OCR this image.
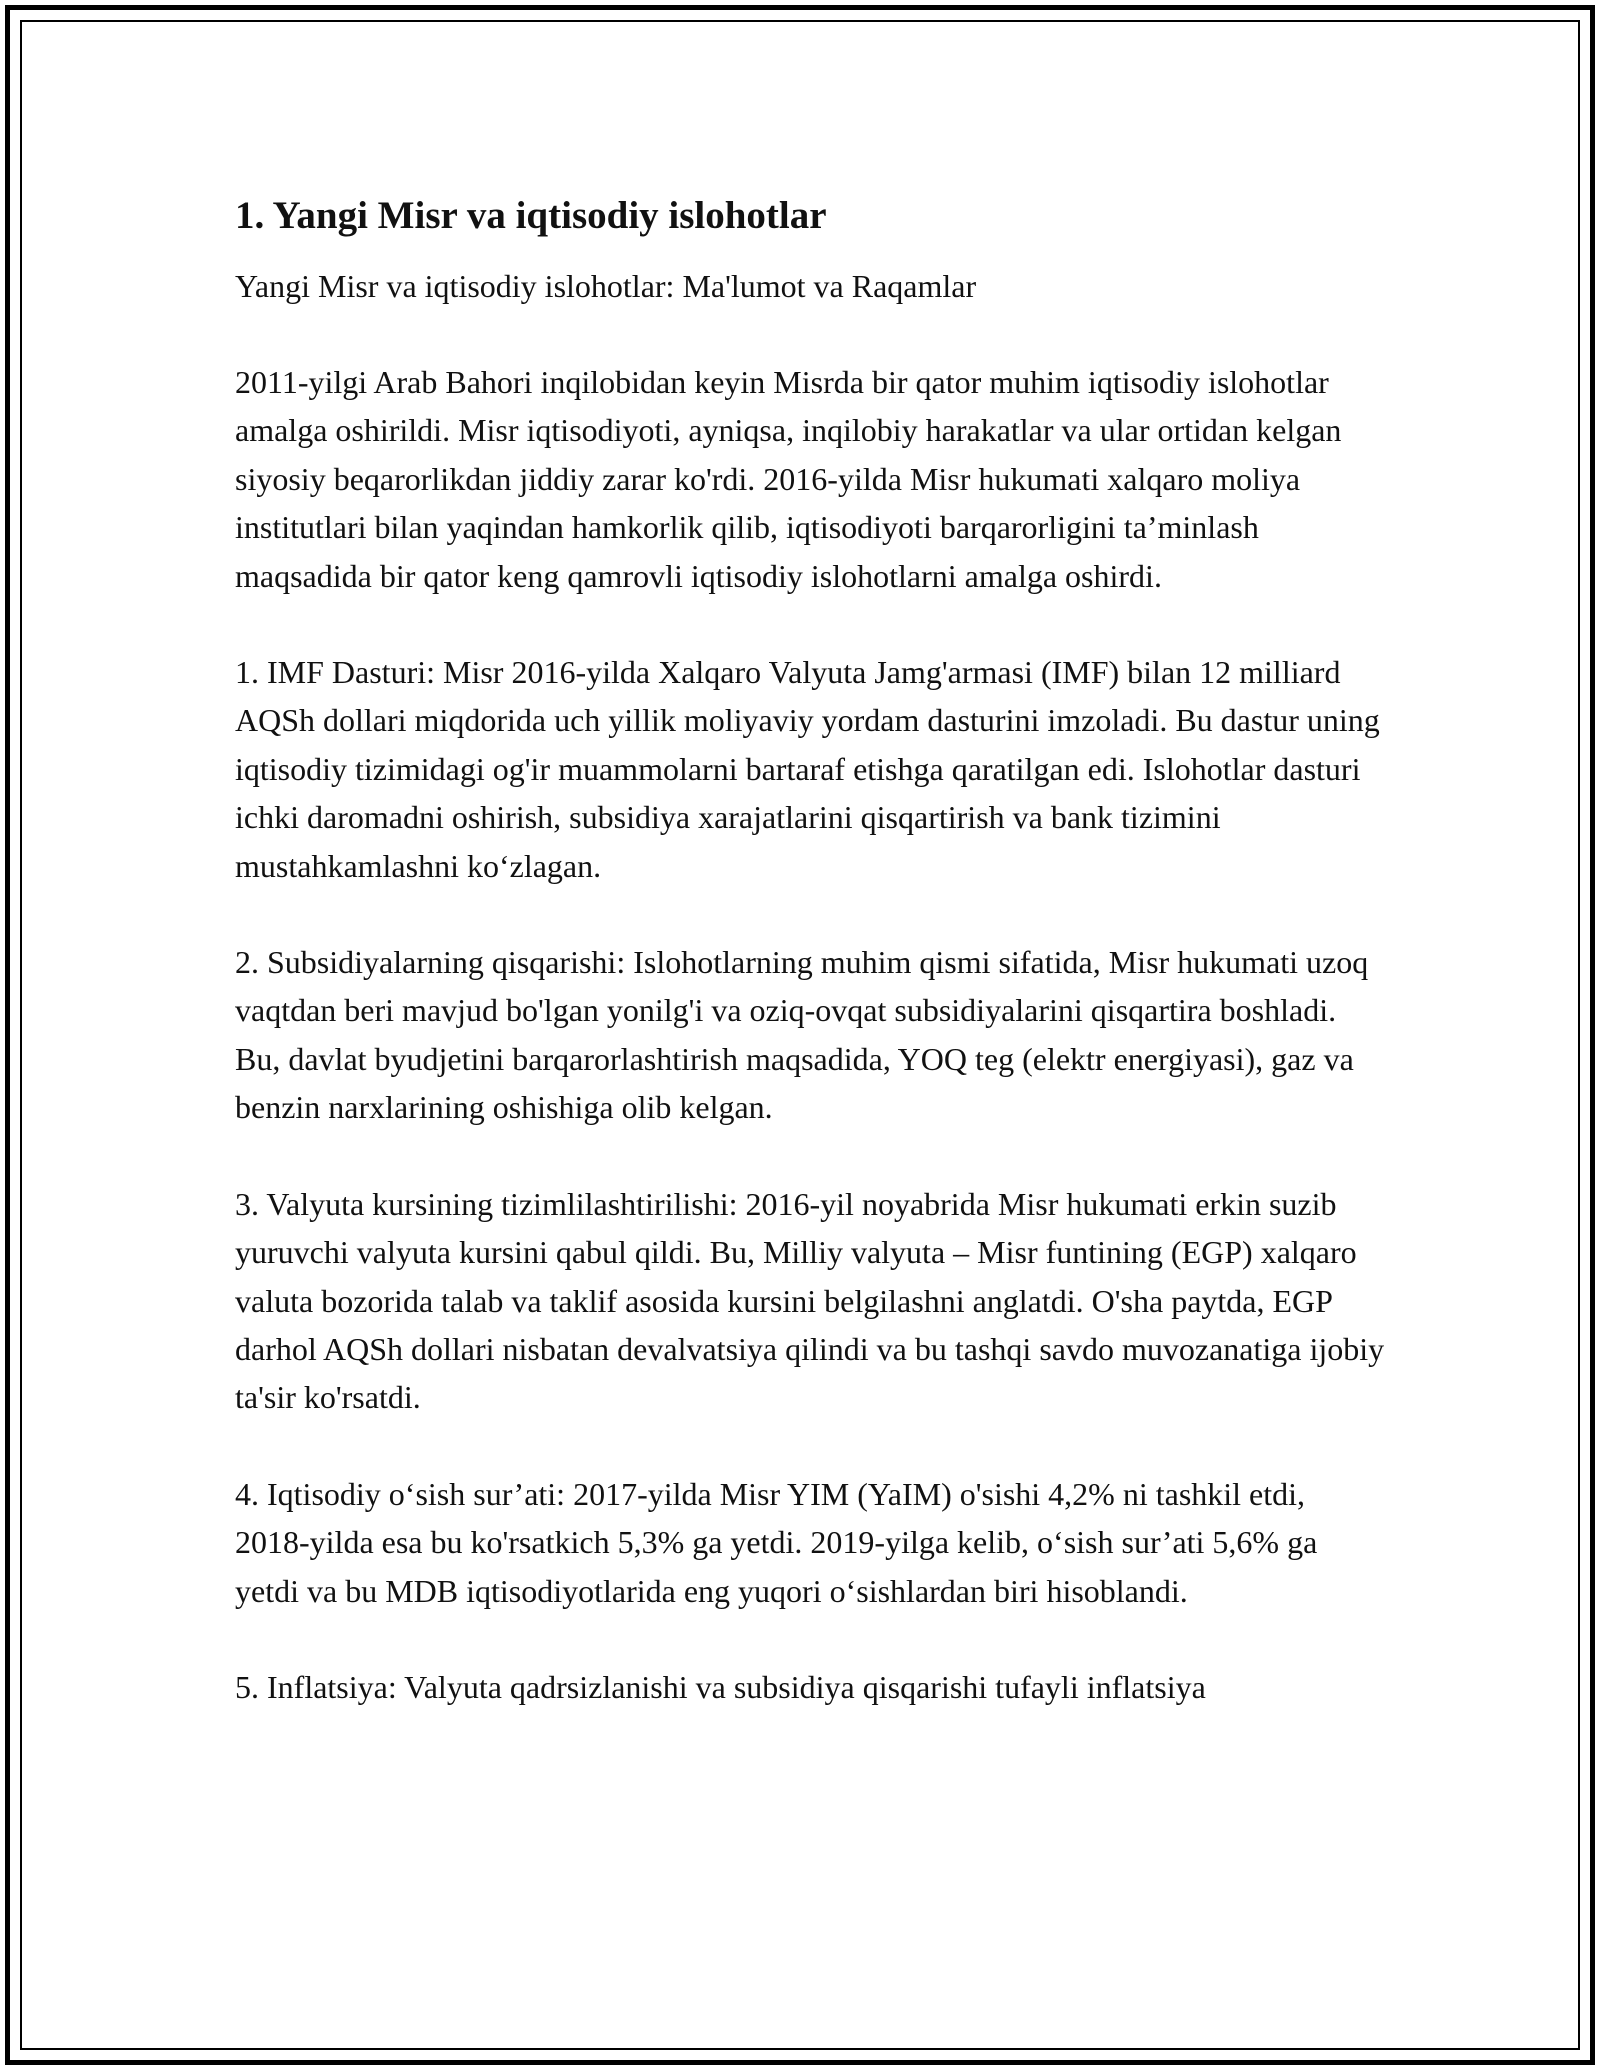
1. Yangi Misr va iqtisodiy islohotlar
Yangi Misr va iqtisodiy islohotlar: Ma'lumot va Raqamlar

2011-yilgi Arab Bahori inqilobidan keyin Misrda bir qator muhim iqtisodiy islohotlar amalga oshirildi. Misr iqtisodiyoti, ayniqsa, inqilobiy harakatlar va ular ortidan kelgan siyosiy beqarorlikdan jiddiy zarar ko'rdi. 2016-yilda Misr hukumati xalqaro moliya institutlari bilan yaqindan hamkorlik qilib, iqtisodiyoti barqarorligini ta’minlash maqsadida bir qator keng qamrovli iqtisodiy islohotlarni amalga oshirdi.

1. IMF Dasturi: Misr 2016-yilda Xalqaro Valyuta Jamg'armasi (IMF) bilan 12 milliard AQSh dollari miqdorida uch yillik moliyaviy yordam dasturini imzoladi. Bu dastur uning iqtisodiy tizimidagi og'ir muammolarni bartaraf etishga qaratilgan edi. Islohotlar dasturi ichki daromadni oshirish, subsidiya xarajatlarini qisqartirish va bank tizimini mustahkamlashni ko‘zlagan.

2. Subsidiyalarning qisqarishi: Islohotlarning muhim qismi sifatida, Misr hukumati uzoq vaqtdan beri mavjud bo'lgan yonilg'i va oziq-ovqat subsidiyalarini qisqartira boshladi. Bu, davlat byudjetini barqarorlashtirish maqsadida, YOQ teg (elektr energiyasi), gaz va benzin narxlarining oshishiga olib kelgan.

3. Valyuta kursining tizimlilashtirilishi: 2016-yil noyabrida Misr hukumati erkin suzib yuruvchi valyuta kursini qabul qildi. Bu, Milliy valyuta – Misr funtining (EGP) xalqaro valuta bozorida talab va taklif asosida kursini belgilashni anglatdi. O'sha paytda, EGP darhol AQSh dollari nisbatan devalvatsiya qilindi va bu tashqi savdo muvozanatiga ijobiy ta'sir ko'rsatdi.

4. Iqtisodiy o‘sish sur’ati: 2017-yilda Misr YIM (YaIM) o'sishi 4,2% ni tashkil etdi, 2018-yilda esa bu ko'rsatkich 5,3% ga yetdi. 2019-yilga kelib, o‘sish sur’ati 5,6% ga yetdi va bu MDB iqtisodiyotlarida eng yuqori o‘sishlardan biri hisoblandi.

5. Inflatsiya: Valyuta qadrsizlanishi va subsidiya qisqarishi tufayli inflatsiya
